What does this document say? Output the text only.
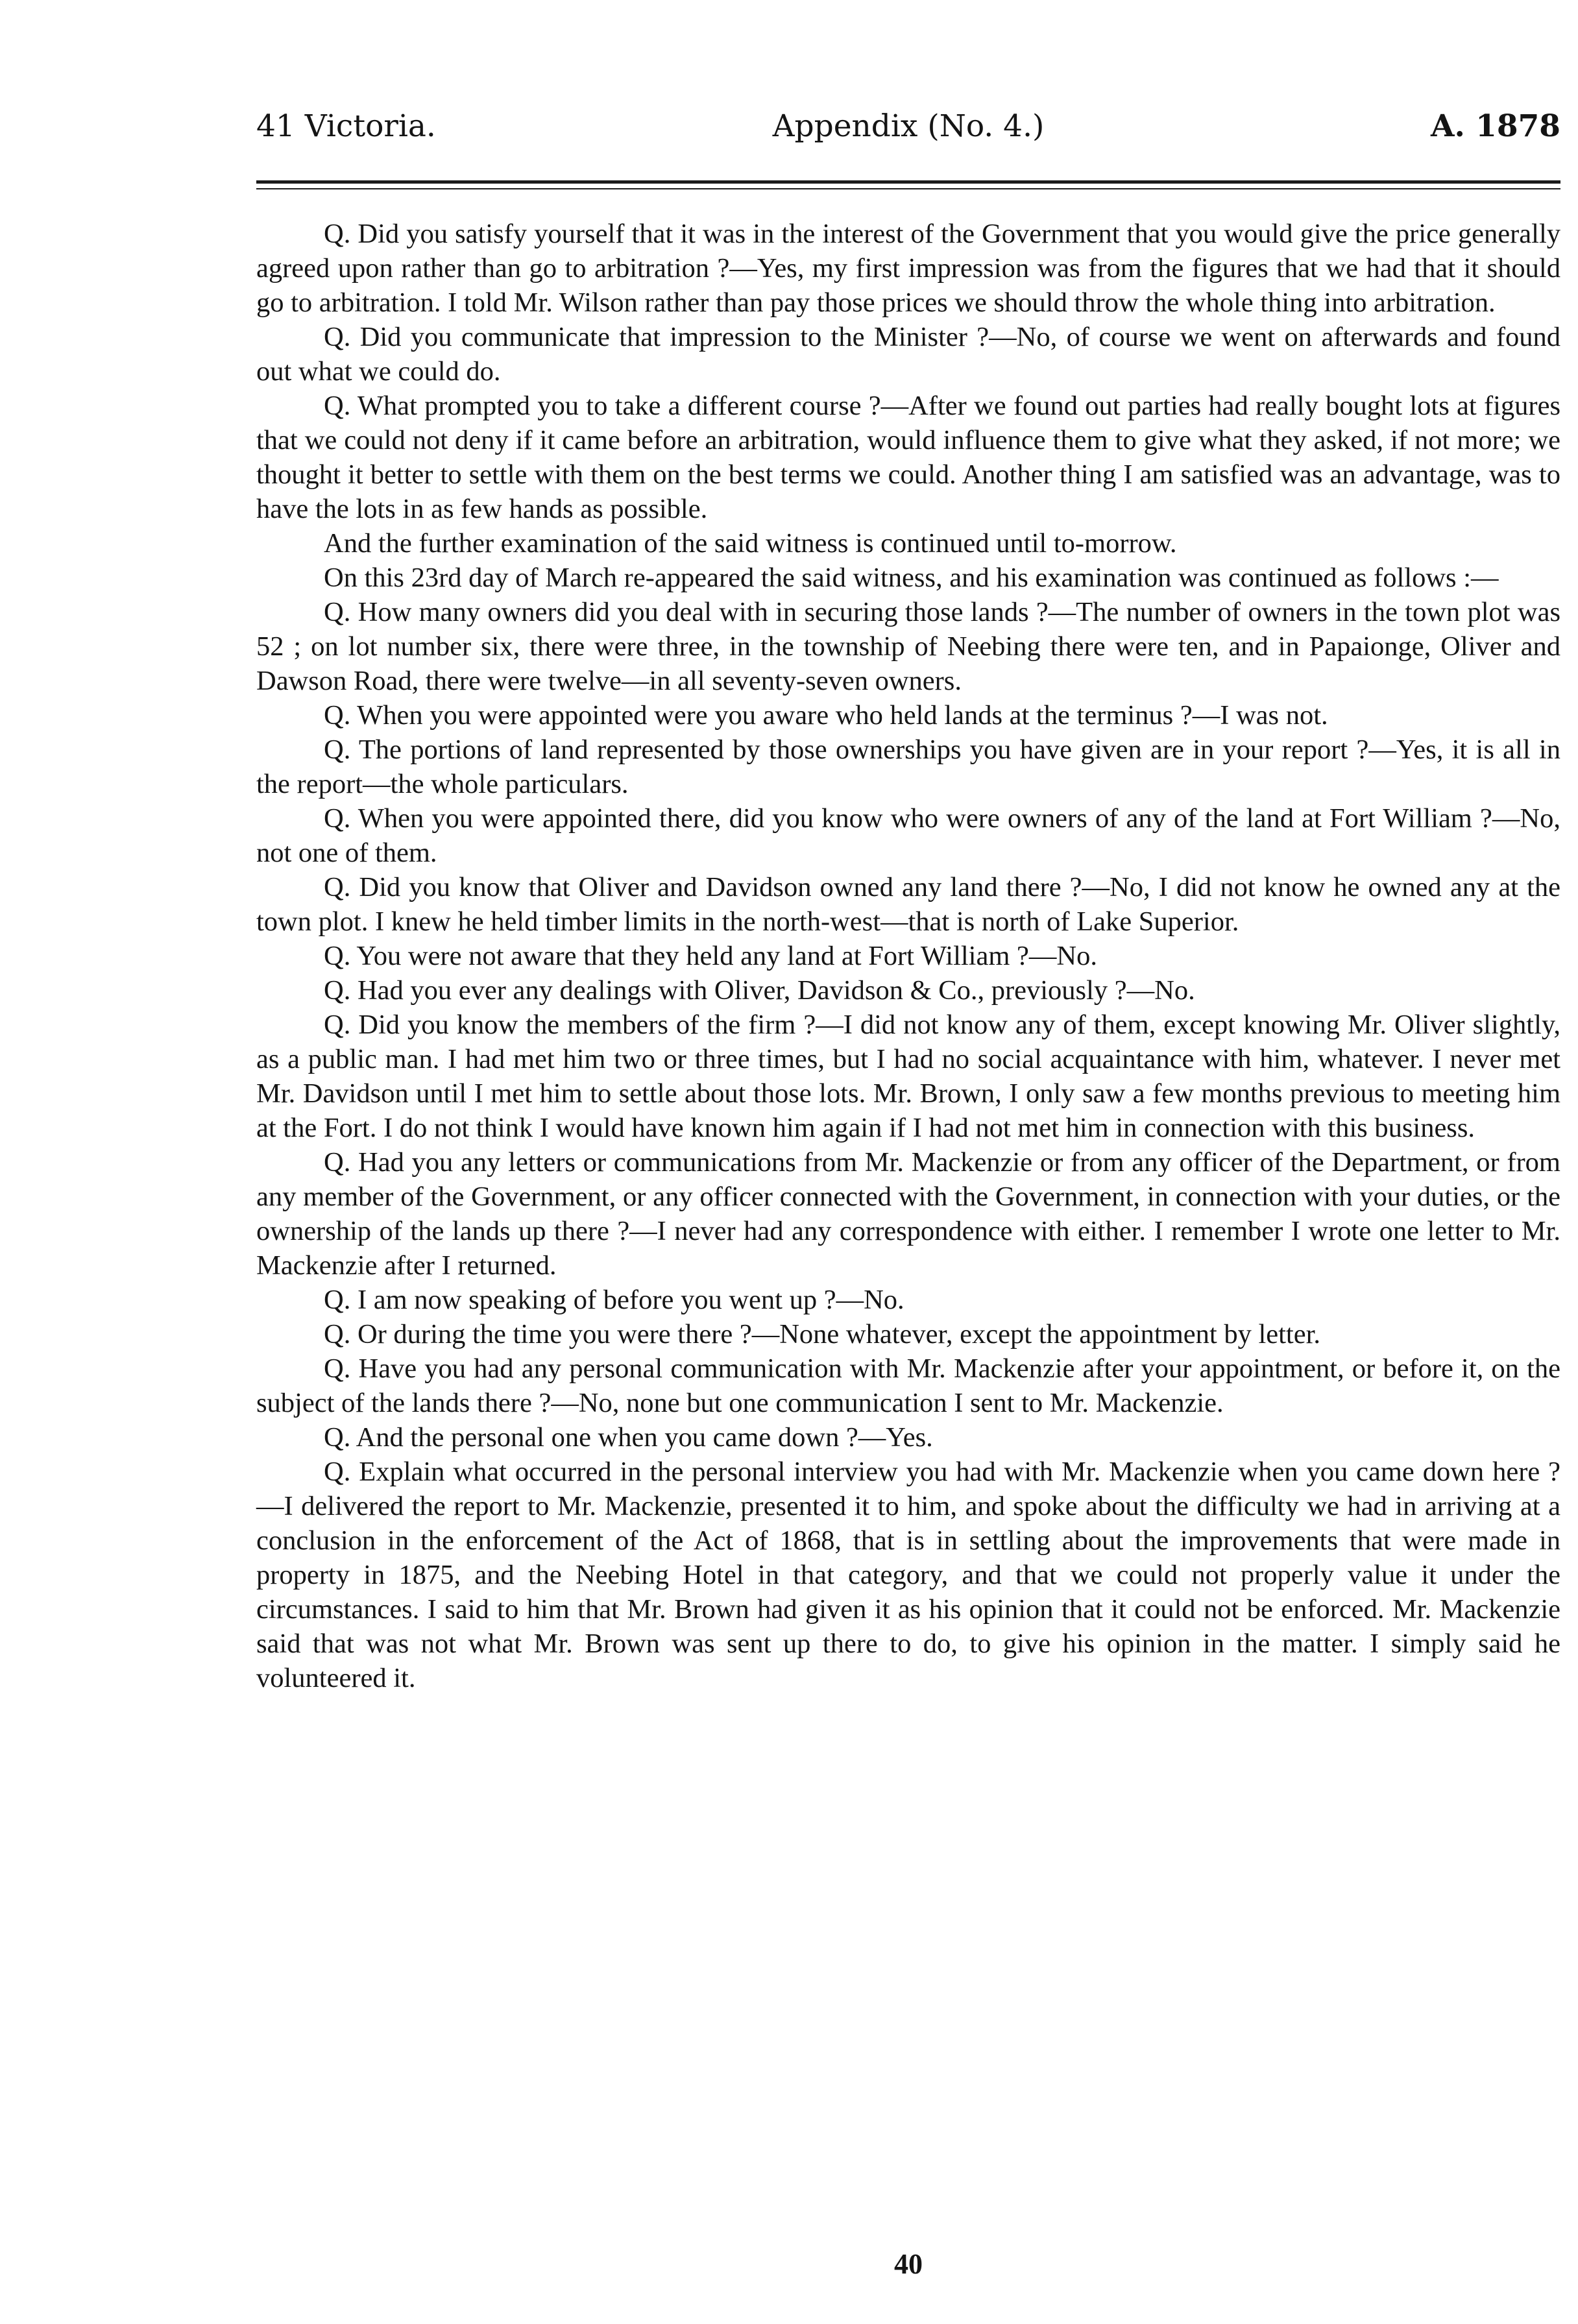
41 Victoria.	Appendix (No. 4.)	A. 1878

Q. Did you satisfy yourself that it was in the interest of the Government that you would give the price generally agreed upon rather than go to arbitration ?—Yes, my first impression was from the figures that we had that it should go to arbitration. I told Mr. Wilson rather than pay those prices we should throw the whole thing into arbitration.

Q. Did you communicate that impression to the Minister ?—No, of course we went on afterwards and found out what we could do.

Q. What prompted you to take a different course ?—After we found out parties had really bought lots at figures that we could not deny if it came before an arbitration, would influence them to give what they asked, if not more; we thought it better to settle with them on the best terms we could. Another thing I am satisfied was an advantage, was to have the lots in as few hands as possible.

And the further examination of the said witness is continued until to-morrow.

On this 23rd day of March re-appeared the said witness, and his examination was continued as follows :—

Q. How many owners did you deal with in securing those lands ?—The number of owners in the town plot was 52 ; on lot number six, there were three, in the township of Neebing there were ten, and in Papaionge, Oliver and Dawson Road, there were twelve—in all seventy-seven owners.

Q. When you were appointed were you aware who held lands at the terminus ?—I was not.

Q. The portions of land represented by those ownerships you have given are in your report ?—Yes, it is all in the report—the whole particulars.

Q. When you were appointed there, did you know who were owners of any of the land at Fort William ?—No, not one of them.

Q. Did you know that Oliver and Davidson owned any land there ?—No, I did not know he owned any at the town plot. I knew he held timber limits in the north-west—that is north of Lake Superior.

Q. You were not aware that they held any land at Fort William ?—No.

Q. Had you ever any dealings with Oliver, Davidson & Co., previously ?—No.

Q. Did you know the members of the firm ?—I did not know any of them, except knowing Mr. Oliver slightly, as a public man. I had met him two or three times, but I had no social acquaintance with him, whatever. I never met Mr. Davidson until I met him to settle about those lots. Mr. Brown, I only saw a few months previous to meeting him at the Fort. I do not think I would have known him again if I had not met him in connection with this business.

Q. Had you any letters or communications from Mr. Mackenzie or from any officer of the Department, or from any member of the Government, or any officer connected with the Government, in connection with your duties, or the ownership of the lands up there ?—I never had any correspondence with either. I remember I wrote one letter to Mr. Mackenzie after I returned.

Q. I am now speaking of before you went up ?—No.

Q. Or during the time you were there ?—None whatever, except the appointment by letter.

Q. Have you had any personal communication with Mr. Mackenzie after your appointment, or before it, on the subject of the lands there ?—No, none but one communication I sent to Mr. Mackenzie.

Q. And the personal one when you came down ?—Yes.

Q. Explain what occurred in the personal interview you had with Mr. Mackenzie when you came down here ?—I delivered the report to Mr. Mackenzie, presented it to him, and spoke about the difficulty we had in arriving at a conclusion in the enforcement of the Act of 1868, that is in settling about the improvements that were made in property in 1875, and the Neebing Hotel in that category, and that we could not properly value it under the circumstances. I said to him that Mr. Brown had given it as his opinion that it could not be enforced. Mr. Mackenzie said that was not what Mr. Brown was sent up there to do, to give his opinion in the matter. I simply said he volunteered it.

40
